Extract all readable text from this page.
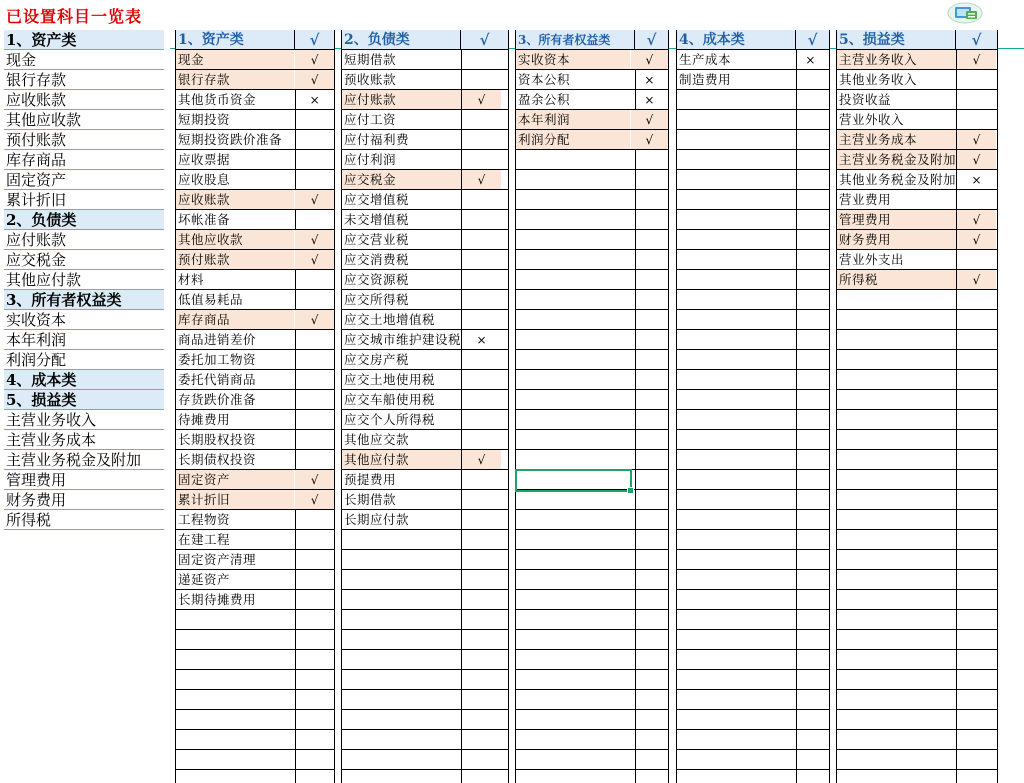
已设置科目一览表
1、资产类
现金
银行存款
应收账款
其他应收款
预付账款
库存商品
固定资产
累计折旧
2、负债类
应付账款
应交税金
其他应付款
3、所有者权益类
实收资本
本年利润
利润分配
4、成本类
5、损益类
主营业务收入
主营业务成本
主营业务税金及附加
管理费用
财务费用
所得税
1、资产类	√
现金	√
银行存款	√
其他货币资金	×
短期投资
短期投资跌价准备
应收票据
应收股息
应收账款	√
坏帐准备
其他应收款	√
预付账款	√
材料
低值易耗品
库存商品	√
商品进销差价
委托加工物资
委托代销商品
存货跌价准备
待摊费用
长期股权投资
长期债权投资
固定资产	√
累计折旧	√
工程物资
在建工程
固定资产清理
递延资产
长期待摊费用
2、负债类	√
短期借款
预收账款
应付账款	√
应付工资
应付福利费
应付利润
应交税金	√
应交增值税
未交增值税
应交营业税
应交消费税
应交资源税
应交所得税
应交土地增值税
应交城市维护建设税	×
应交房产税
应交土地使用税
应交车船使用税
应交个人所得税
其他应交款
其他应付款	√
预提费用
长期借款
长期应付款
3、所有者权益类	√
实收资本	√
资本公积	×
盈余公积	×
本年利润	√
利润分配	√
4、成本类	√
生产成本	×
制造费用
5、损益类	√
主营业务收入	√
其他业务收入
投资收益
营业外收入
主营业务成本	√
主营业务税金及附加	√
其他业务税金及附加	×
营业费用
管理费用	√
财务费用	√
营业外支出
所得税	√
